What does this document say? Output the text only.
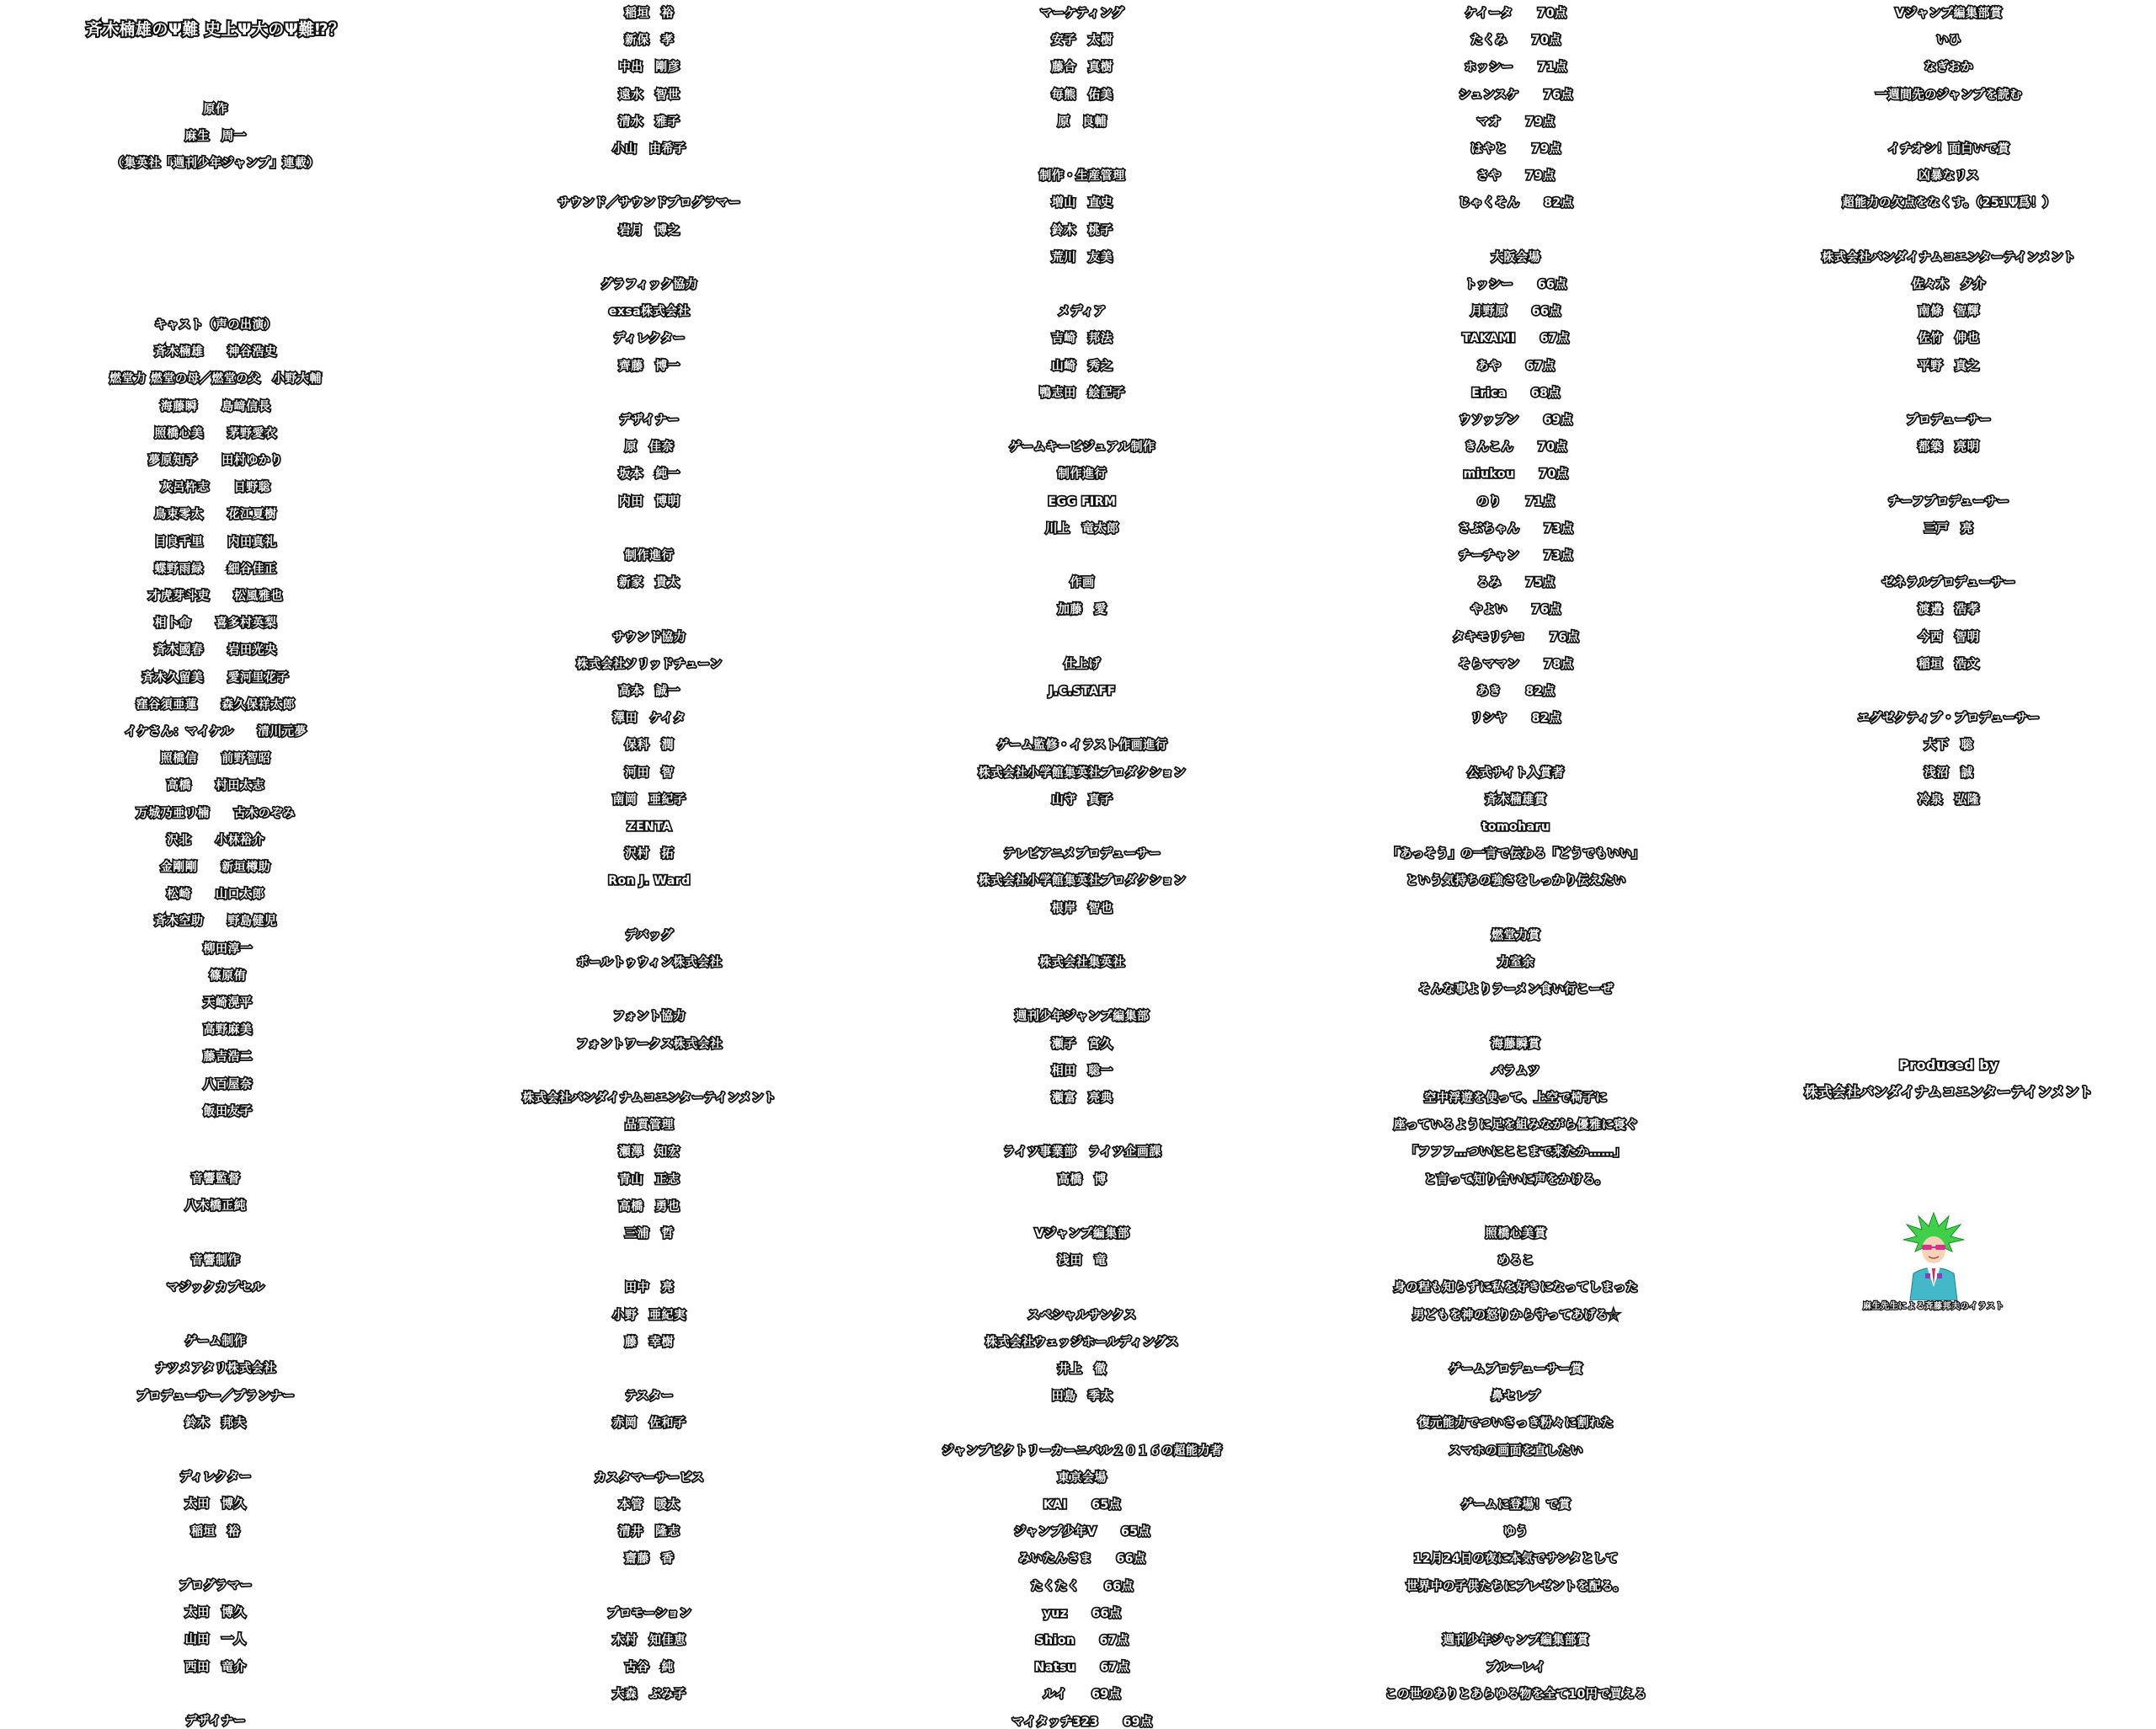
斉木楠雄のΨ難 史上Ψ大のΨ難⁉？
原作
麻生　周一
（集英社「週刊少年ジャンプ」連載）
キャスト（声の出演）
斉木楠雄　　神谷浩史
燃堂力 燃堂の母／燃堂の父　小野大輔
海藤瞬　　島﨑信長
照橋心美　　茅野愛衣
夢原知予　　田村ゆかり
灰呂杵志　　日野聡
鳥束零太　　花江夏樹
目良千里　　内田真礼
蝶野雨緑　　細谷佳正
才虎芽斗吏　　松風雅也
相卜命　　喜多村英梨
斉木國春　　岩田光央
斉木久留美　　愛河里花子
窪谷須亜蓮　　森久保祥太郎
イケさん：マイケル　　清川元夢
照橋信　　前野智昭
高橋　　村田太志
万城乃亜リ楠　　古木のぞみ
沢北　　小林裕介
金剛剛　　新垣樽助
松崎　　山口太郎
斉木空助　　野島健児
　　柳田淳一
　　篠原侑
　　天崎滉平
　　高野麻美
　　藤吉浩二
　　八百屋奈
　　飯田友子
音響監督
八木橋正純
音響制作
マジックカプセル
ゲーム制作
ナツメアタリ株式会社
プロデューサー／プランナー
鈴木　邦夫
ディレクター
太田　博久
稲垣　裕
プログラマー
太田　博久
山田　一人
西田　竜介
デザイナー
稲垣　裕
新保　孝
中出　剛彦
遠水　智世
清水　雅子
小山　由希子
サウンド／サウンドプログラマー
岩月　博之
グラフィック協力
exsa株式会社
ディレクター
齊藤　博一
デザイナー
原　佳奈
坂本　純一
内田　博明
制作進行
新家　貴太
サウンド協力
株式会社ソリッドチューン
高本　誠一
澤田　ケイタ
保科　潤
河田　智
南岡　亜紀子
ZENTA
沢村　拓
Ron J. Ward
デバッグ
ボールトゥウィン株式会社
フォント協力
フォントワークス株式会社
株式会社バンダイナムコエンターテインメント
品質管理
瀬澤　知宏
青山　正志
高橋　勇也
三浦　哲
田中　亮
小野　亜紀実
藤　幸樹
テスター
赤岡　佐和子
カスタマーサービス
本管　暖太
清井　隆志
齋藤　香
プロモーション
木村　知佳恵
古谷　純
大森　ぶみ子
マーケティング
安子　太樹
藤合　真樹
毎熊　佑美
原　良輔
制作・生産管理
増山　直史
鈴木　桃子
荒川　友美
メディア
吉崎　邦法
山崎　秀之
鴨志田　絵記子
ゲームキービジュアル制作
制作進行
EGG FIRM
川上　竜太郎
作画
加藤　愛
仕上げ
J.C.STAFF
ゲーム監修・イラスト作画進行
株式会社小学館集英社プロダクション
山守　真子
テレビアニメプロデューサー
株式会社小学館集英社プロダクション
根岸　智也
株式会社集英社
週刊少年ジャンプ編集部
瀬子　宮久
相田　聡一
瀬富　亮典
ライツ事業部　ライツ企画課
高橋　博
Vジャンプ編集部
浅田　竜
スペシャルサンクス
株式会社ウェッジホールディングス
井上　徹
田島　季太
ジャンプビクトリーカーニバル２０１６の超能力者
東京会場
KAI　　65点
ジャンプ少年V　　65点
みいたんさま　　66点
たくたく　　66点
yuz　　66点
Shion　　67点
Natsu　　67点
ルイ　　69点
マイタッチ323　　69点
ケイータ　　70点
たくみ　　70点
ホッシー　　71点
シュンスケ　　76点
マオ　　79点
はやと　　79点
さや　　79点
じゃくそん　　82点
大阪会場
トッシー　　66点
月野原　　66点
TAKAMI　　67点
あや　　67点
Erica　　68点
ウソップン　　69点
きんこん　　70点
miukou　　70点
のり　　71点
さぶちゃん　　73点
チーチャン　　73点
るみ　　75点
やよい　　76点
タキモリチコ　　76点
そらママン　　78点
あき　　82点
リシヤ　　82点
公式サイト入賞者
斉木楠雄賞
tomoharu
「あっそう」の一言で伝わる「どうでもいい」
という気持ちの強さをしっかり伝えたい
燃堂力賞
力室余
そんな事よりラーメン食い行こーぜ
海藤瞬賞
パラムツ
空中浮遊を使って、上空で椅子に
座っているように足を組みながら優雅に寝ぐ
「フフフ…ついにここまで来たか……」
と言って知り合いに声をかける。
照橋心美賞
めるこ
身の程も知らずに私を好きになってしまった
男どもを神の怒りから守ってあげる☆
ゲームプロデューサー賞
鼻セレブ
復元能力でついさっき粉々に割れた
スマホの画面を直したい
ゲームに登場！で賞
ゆう
12月24日の夜に本気でサンタとして
世界中の子供たちにプレゼントを配る。
週刊少年ジャンプ編集部賞
ブルーレイ
この世のありとあらゆる物を全て10円で買える
Vジャンプ編集部賞
いひ
なぎおか
一週間先のジャンプを読む
イチオシ！面白いで賞
凶暴なリス
超能力の欠点をなくす。（251Ψ爲！）
株式会社バンダイナムコエンターテインメント
佐々木　夕介
南條　智輝
佐竹　伸也
平野　真之
プロデューサー
都築　亮明
チーフプロデューサー
三戸　亮
ゼネラルプロデューサー
渡邉　浩孝
今西　智明
稲垣　浩文
エグゼクティブ・プロデューサー
大下　聡
浅沼　誠
冷泉　弘隆
Produced by
株式会社バンダイナムコエンターテインメント
麻生先生による斉藤邦夫のイラスト
